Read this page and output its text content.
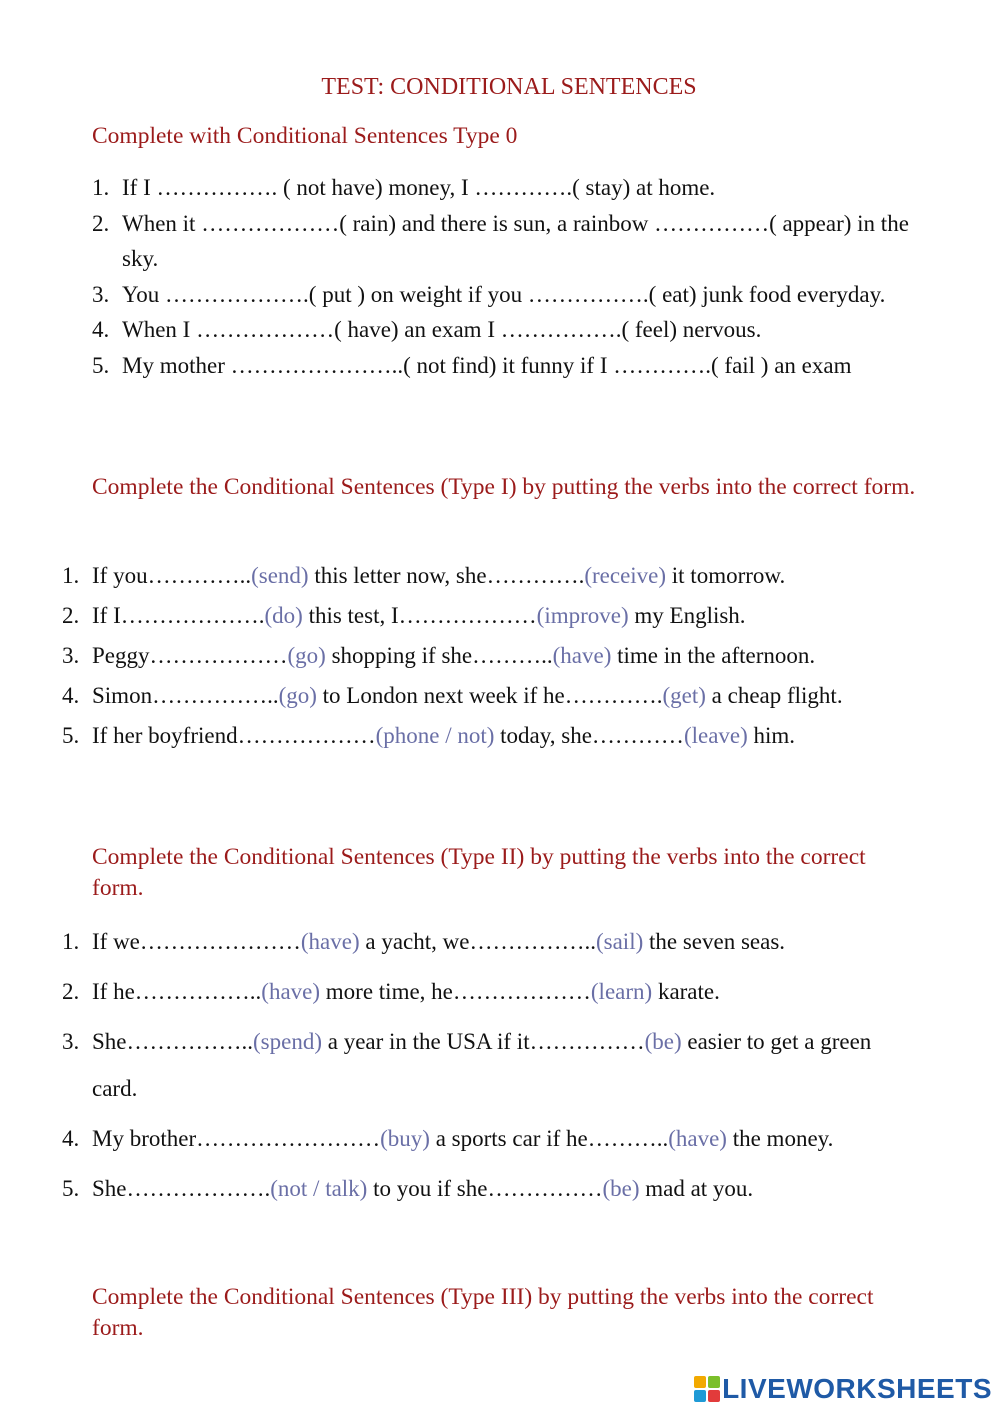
TEST: CONDITIONAL SENTENCES
Complete with Conditional Sentences Type 0
1. If I ……………. ( not have) money, I ………….( stay) at home.
2. When it ………………( rain) and there is sun, a rainbow ……………( appear) in the sky.
3. You ……………….( put ) on weight if you …………….( eat) junk food everyday.
4. When I ………………( have) an exam I …………….( feel) nervous.
5. My mother …………………..( not find) it funny if I ………….( fail ) an exam
Complete the Conditional Sentences (Type I) by putting the verbs into the correct form.
1. If you…………..(send) this letter now, she………….(receive) it tomorrow.
2. If I……………….(do) this test, I………………(improve) my English.
3. Peggy………………(go) shopping if she………..(have) time in the afternoon.
4. Simon……………..(go) to London next week if he………….(get) a cheap flight.
5. If her boyfriend………………(phone / not) today, she…………(leave) him.
Complete the Conditional Sentences (Type II) by putting the verbs into the correct form.
1. If we…………………(have) a yacht, we……………..(sail) the seven seas.
2. If he……………..(have) more time, he………………(learn) karate.
3. She……………..(spend) a year in the USA if it……………(be) easier to get a green card.
4. My brother……………………(buy) a sports car if he………..(have) the money.
5. She……………….(not / talk) to you if she……………(be) mad at you.
Complete the Conditional Sentences (Type III) by putting the verbs into the correct form.
LIVEWORKSHEETS
